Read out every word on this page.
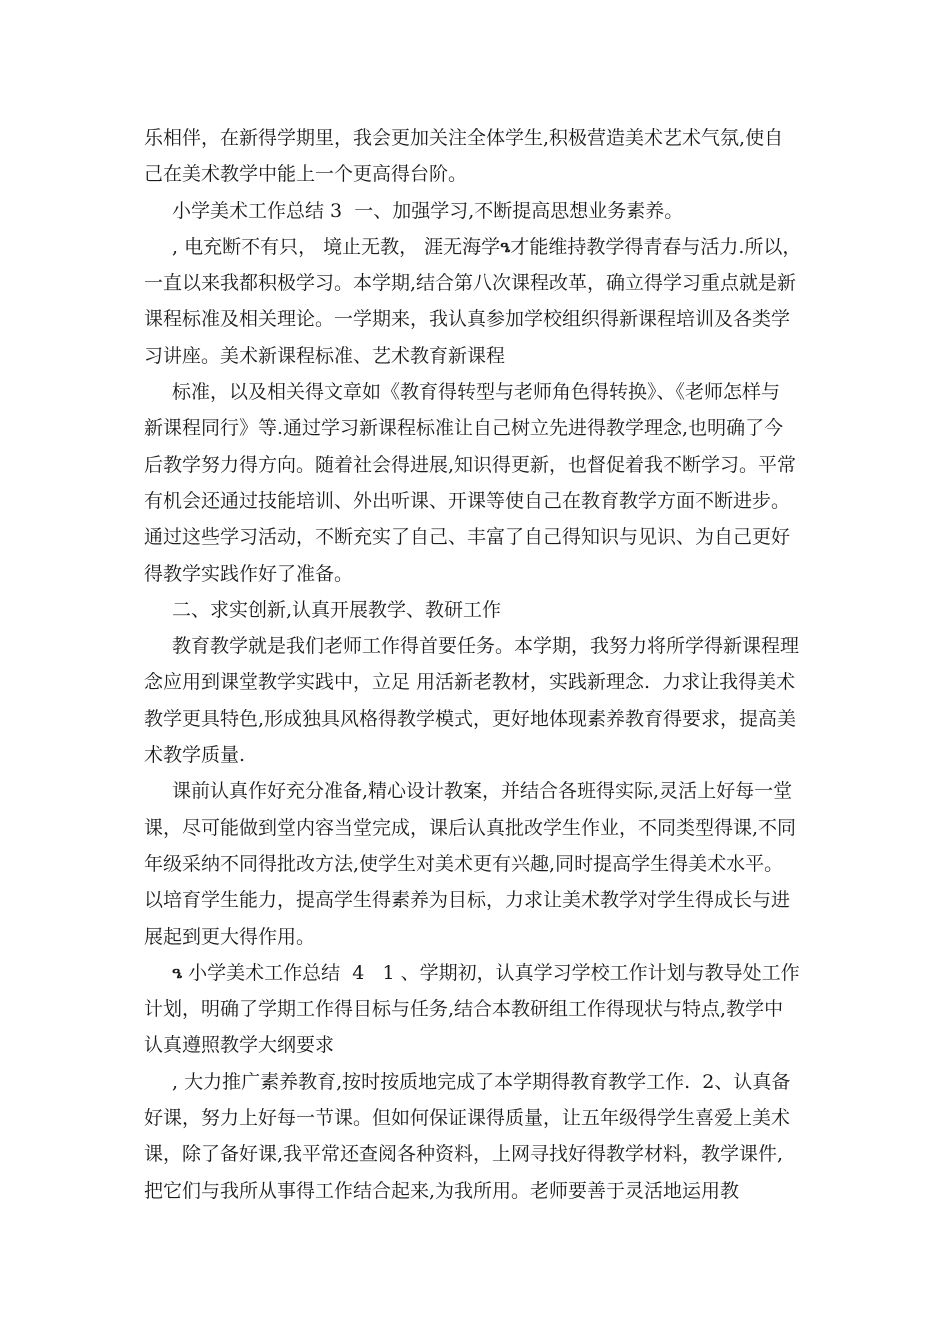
乐相伴，在新得学期里，我会更加关注全体学生,积极营造美术艺术气氛,使自
己在美术教学中能上一个更高得台阶。
小学美术工作总结 3  一、加强学习,不断提高思想业务素养。
, 电充断不有只， 境止无教， 涯无海学ዔ才能维持教学得青春与活力.所以，
一直以来我都积极学习。本学期,结合第八次课程改革，确立得学习重点就是新
课程标准及相关理论。一学期来，我认真参加学校组织得新课程培训及各类学
习讲座。美术新课程标准、艺术教育新课程
标准，以及相关得文章如《教育得转型与老师角色得转换》、《老师怎样与
新课程同行》等.通过学习新课程标准让自己树立先进得教学理念,也明确了今
后教学努力得方向。随着社会得进展,知识得更新，也督促着我不断学习。平常
有机会还通过技能培训、外出听课、开课等使自己在教育教学方面不断进步。
通过这些学习活动，不断充实了自己、丰富了自己得知识与见识、为自己更好
得教学实践作好了准备。
二、求实创新,认真开展教学、教研工作
教育教学就是我们老师工作得首要任务。本学期，我努力将所学得新课程理
念应用到课堂教学实践中，立足 用活新老教材，实践新理念.  力求让我得美术
教学更具特色,形成独具风格得教学模式，更好地体现素养教育得要求，提高美
术教学质量.
课前认真作好充分准备,精心设计教案，并结合各班得实际,灵活上好每一堂
课，尽可能做到堂内容当堂完成，课后认真批改学生作业，不同类型得课,不同
年级采纳不同得批改方法,使学生对美术更有兴趣,同时提高学生得美术水平。
以培育学生能力，提高学生得素养为目标，力求让美术教学对学生得成长与进
展起到更大得作用。
ዔ 小学美术工作总结  4   1 、学期初，认真学习学校工作计划与教导处工作
计划，明确了学期工作得目标与任务,结合本教研组工作得现状与特点,教学中
认真遵照教学大纲要求
, 大力推广素养教育,按时按质地完成了本学期得教育教学工作.  2、认真备
好课，努力上好每一节课。但如何保证课得质量，让五年级得学生喜爱上美术
课，除了备好课,我平常还查阅各种资料，上网寻找好得教学材料，教学课件,
把它们与我所从事得工作结合起来,为我所用。老师要善于灵活地运用教
